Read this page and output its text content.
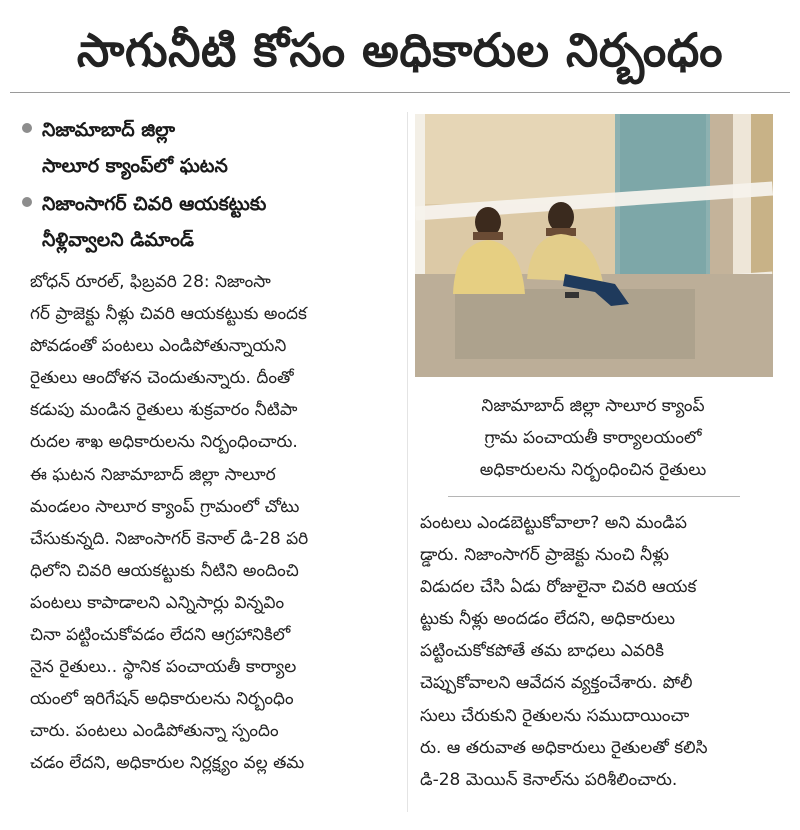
సాగునీటి కోసం అధికారుల నిర్బంధం
నిజామాబాద్ జిల్లా
సాలూర క్యాంప్‌లో ఘటన
నిజాంసాగర్ చివరి ఆయకట్టుకు
నీళ్లివ్వాలని డిమాండ్
బోధన్ రూరల్, ఫిబ్రవరి 28: నిజాంసా
గర్ ప్రాజెక్టు నీళ్లు చివరి ఆయకట్టుకు అందక
పోవడంతో పంటలు ఎండిపోతున్నాయని
రైతులు ఆందోళన చెందుతున్నారు. దీంతో
కడుపు మండిన రైతులు శుక్రవారం నీటిపా
రుదల శాఖ అధికారులను నిర్బంధించారు.
ఈ ఘటన నిజామాబాద్ జిల్లా సాలూర
మండలం సాలూర క్యాంప్ గ్రామంలో చోటు
చేసుకున్నది. నిజాంసాగర్ కెనాల్ డి-28 పరి
ధిలోని చివరి ఆయకట్టుకు నీటిని అందించి
పంటలు కాపాడాలని ఎన్నిసార్లు విన్నవిం
చినా పట్టించుకోవడం లేదని ఆగ్రహానికిలో
నైన రైతులు.. స్థానిక పంచాయతీ కార్యాల
యంలో ఇరిగేషన్ అధికారులను నిర్బంధిం
చారు. పంటలు ఎండిపోతున్నా స్పందిం
చడం లేదని, అధికారుల నిర్లక్ష్యం వల్ల తమ
నిజామాబాద్ జిల్లా సాలూర క్యాంప్
గ్రామ పంచాయతీ కార్యాలయంలో
అధికారులను నిర్బంధించిన రైతులు
పంటలు ఎండబెట్టుకోవాలా? అని మండిప
డ్డారు. నిజాంసాగర్ ప్రాజెక్టు నుంచి నీళ్లు
విడుదల చేసి ఏడు రోజులైనా చివరి ఆయక
ట్టుకు నీళ్లు అందడం లేదని, అధికారులు
పట్టించుకోకపోతే తమ బాధలు ఎవరికి
చెప్పుకోవాలని ఆవేదన వ్యక్తంచేశారు. పోలీ
సులు చేరుకుని రైతులను సముదాయించా
రు. ఆ తరువాత అధికారులు రైతులతో కలిసి
డి-28 మెయిన్ కెనాల్‌ను పరిశీలించారు.
